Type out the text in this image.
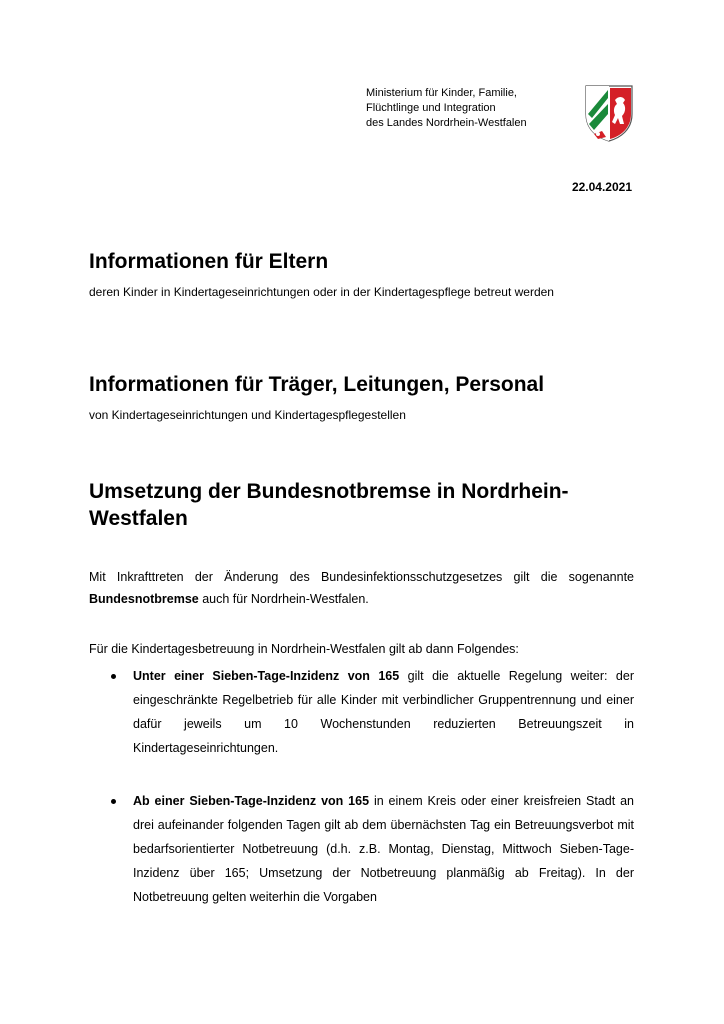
Ministerium für Kinder, Familie,
Flüchtlinge und Integration
des Landes Nordrhein-Westfalen
22.04.2021
Informationen für Eltern

deren Kinder in Kindertageseinrichtungen oder in der Kindertagespflege betreut werden

Informationen für Träger, Leitungen, Personal

von Kindertageseinrichtungen und Kindertagespflegestellen

Umsetzung der Bundesnotbremse in Nordrhein-Westfalen

Mit Inkrafttreten der Änderung des Bundesinfektionsschutzgesetzes gilt die sogenannte Bundesnotbremse auch für Nordrhein-Westfalen.

Für die Kindertagesbetreuung in Nordrhein-Westfalen gilt ab dann Folgendes:

Unter einer Sieben-Tage-Inzidenz von 165 gilt die aktuelle Regelung weiter: der eingeschränkte Regelbetrieb für alle Kinder mit verbindlicher Gruppentrennung und einer dafür jeweils um 10 Wochenstunden reduzierten Betreuungszeit in Kindertageseinrichtungen.
Ab einer Sieben-Tage-Inzidenz von 165 in einem Kreis oder einer kreisfreien Stadt an drei aufeinander folgenden Tagen gilt ab dem übernächsten Tag ein Betreuungsverbot mit bedarfsorientierter Notbetreuung (d.h. z.B. Montag, Dienstag, Mittwoch Sieben-Tage-Inzidenz über 165; Umsetzung der Notbetreuung planmäßig ab Freitag). In der Notbetreuung gelten weiterhin die Vorgaben
